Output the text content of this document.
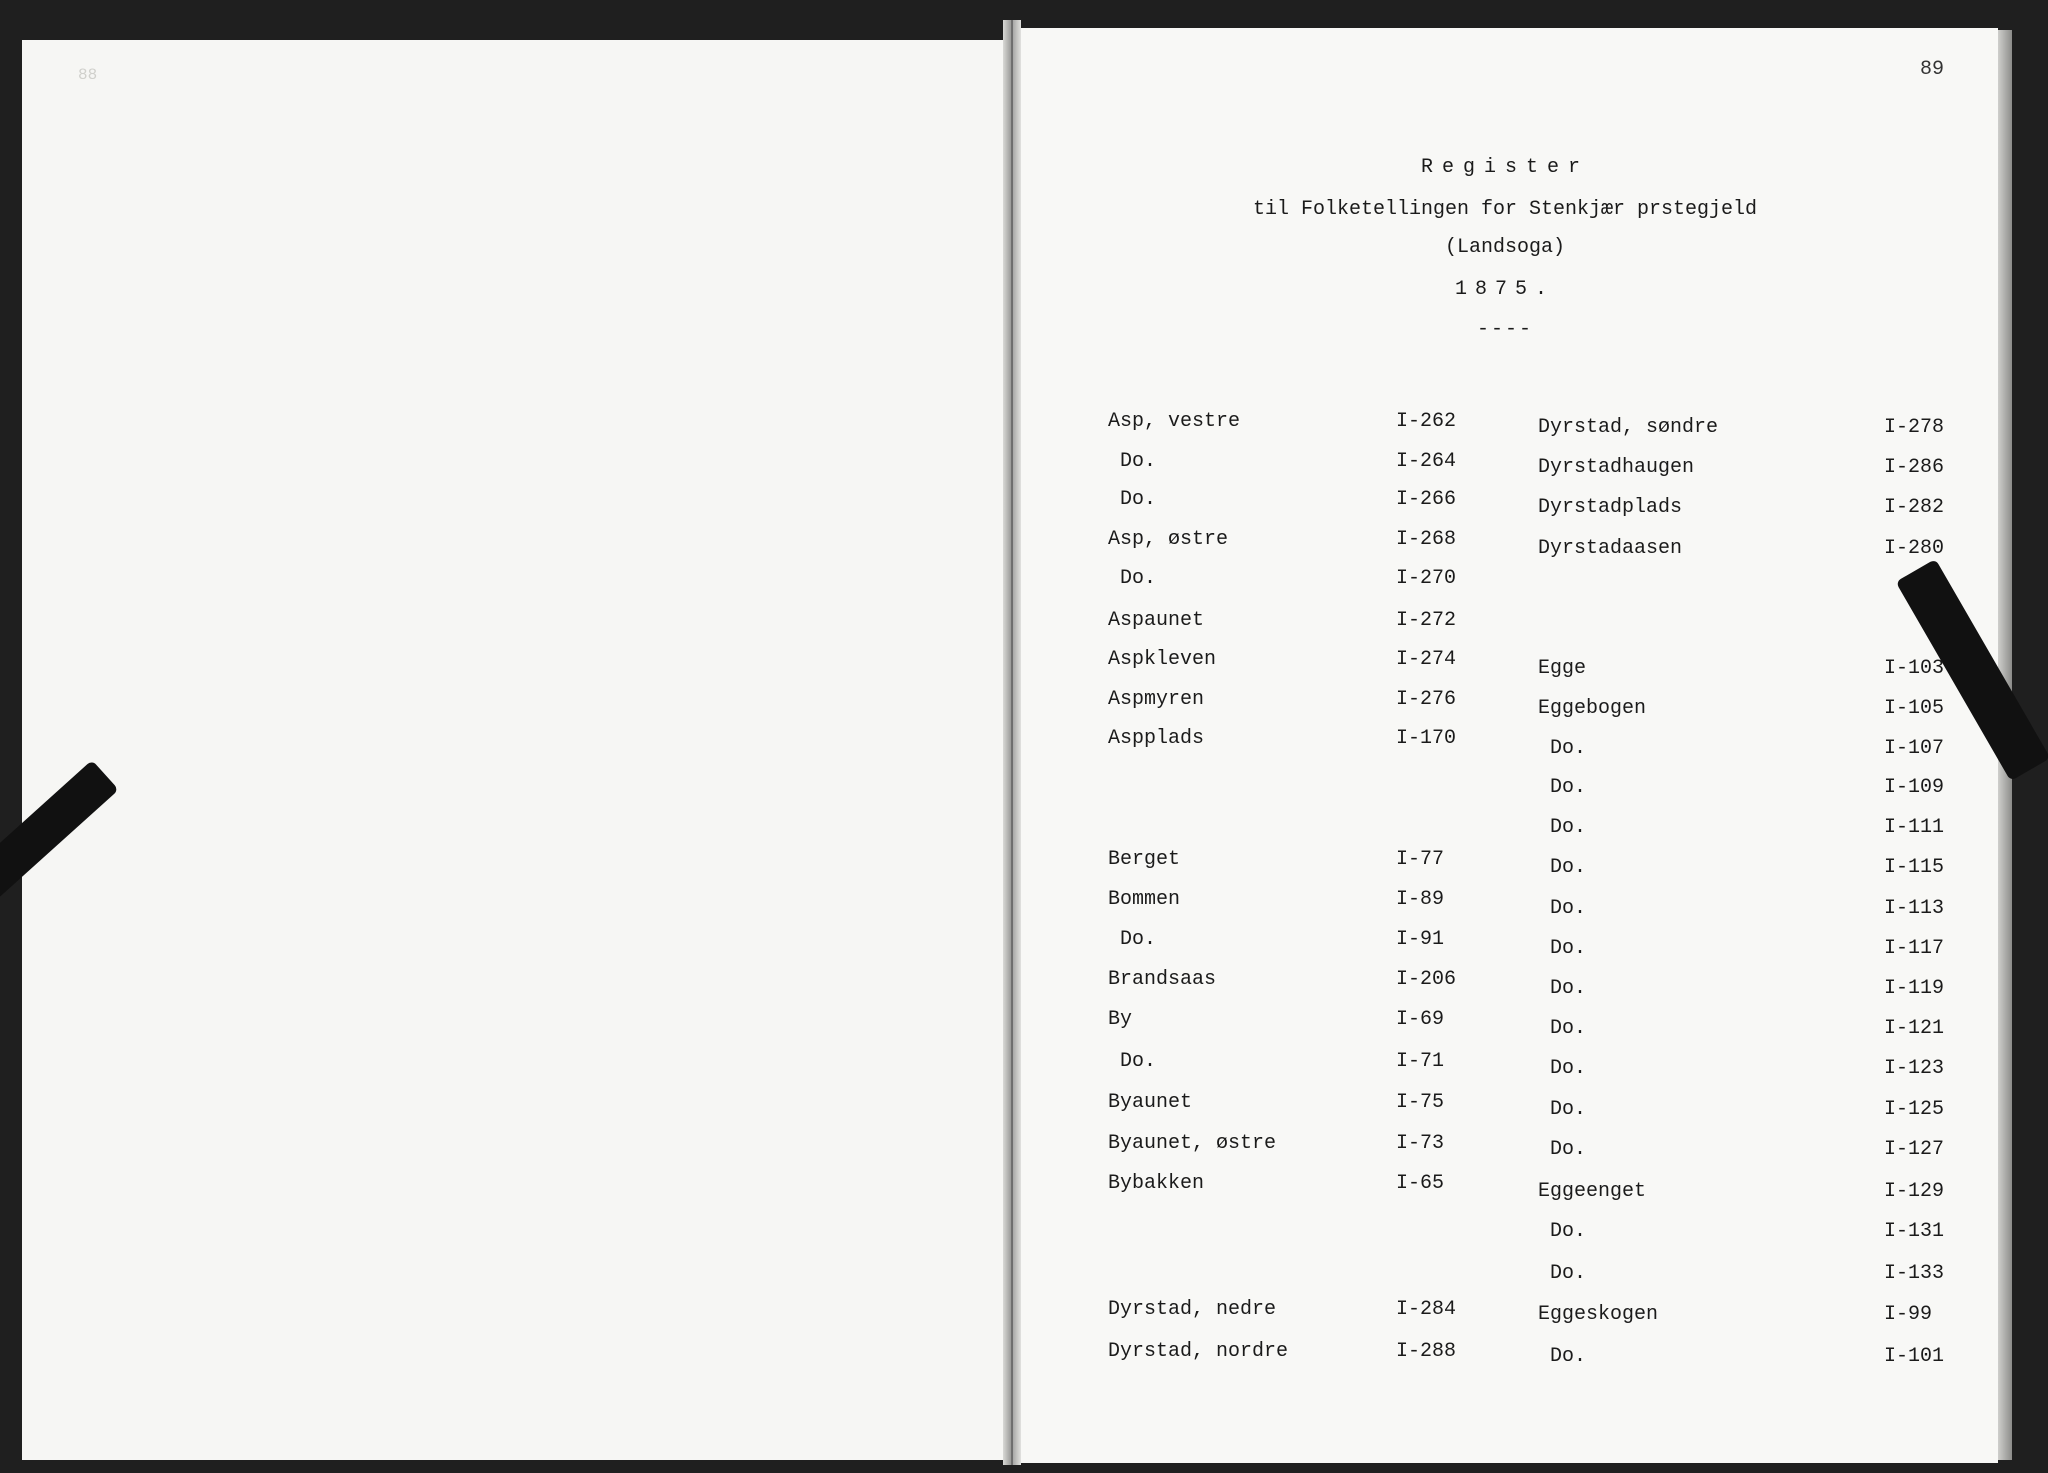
88	89
Register
til Folketellingen for Stenkjær prstegjeld
(Landsoga)
1875.
----
Asp, vestre	I-262
Do.	I-264
Do.	I-266
Asp, østre	I-268
Do.	I-270
Aspaunet	I-272
Aspkleven	I-274
Aspmyren	I-276
Aspplads	I-170
Berget	I-77
Bommen	I-89
Do.	I-91
Brandsaas	I-206
By	I-69
Do.	I-71
Byaunet	I-75
Byaunet, østre	I-73
Bybakken	I-65
Dyrstad, nedre	I-284
Dyrstad, nordre	I-288
Dyrstad, søndre	I-278
Dyrstadhaugen	I-286
Dyrstadplads	I-282
Dyrstadaasen	I-280
Egge	I-103
Eggebogen	I-105
Do.	I-107
Do.	I-109
Do.	I-111
Do.	I-115
Do.	I-113
Do.	I-117
Do.	I-119
Do.	I-121
Do.	I-123
Do.	I-125
Do.	I-127
Eggeenget	I-129
Do.	I-131
Do.	I-133
Eggeskogen	I-99
Do.	I-101
